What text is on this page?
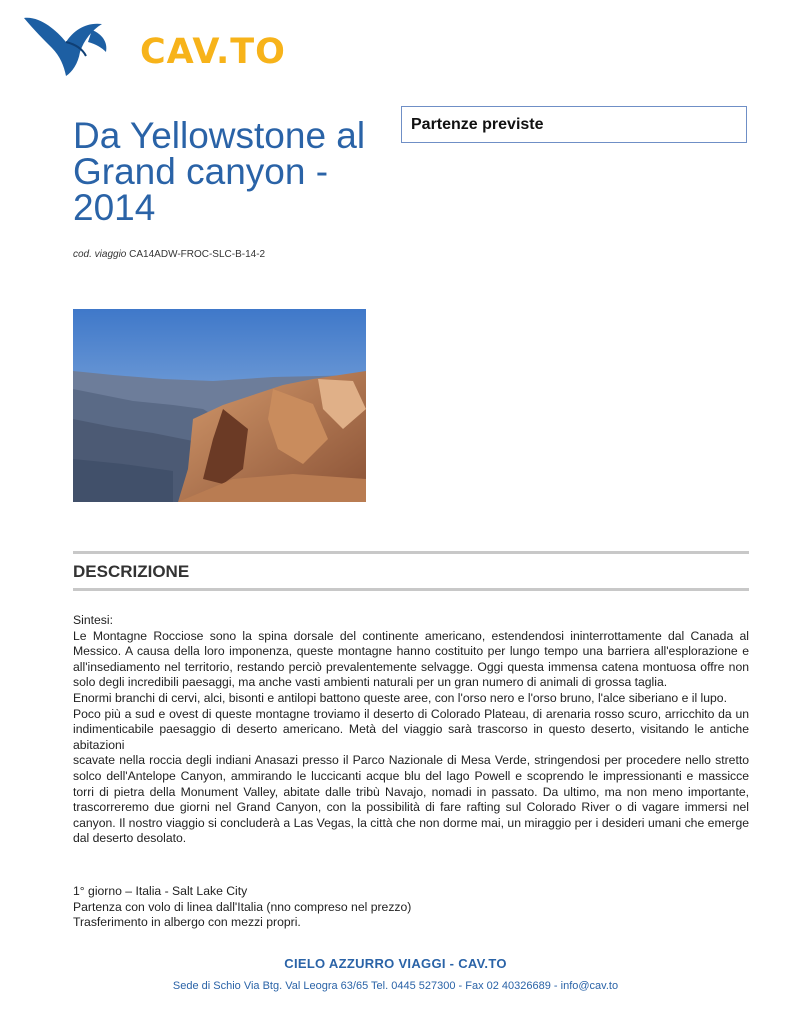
CAV.TO
Da Yellowstone al Grand canyon - 2014
cod. viaggio CA14ADW-FROC-SLC-B-14-2
Partenze previste
DESCRIZIONE

Sintesi:

Le Montagne Rocciose sono la spina dorsale del continente americano, estendendosi ininterrottamente dal Canada al Messico. A causa della loro imponenza, queste montagne hanno costituito per lungo tempo una barriera all'esplorazione e all'insediamento nel territorio, restando perciò prevalentemente selvagge. Oggi questa immensa catena montuosa offre non solo degli incredibili paesaggi, ma anche vasti ambienti naturali per un gran numero di animali di grossa taglia.

Enormi branchi di cervi, alci, bisonti e antilopi battono queste aree, con l'orso nero e l'orso bruno, l'alce siberiano e il lupo.

Poco più a sud e ovest di queste montagne troviamo il deserto di Colorado Plateau, di arenaria rosso scuro, arricchito da un indimenticabile paesaggio di deserto americano. Metà del viaggio sarà trascorso in questo deserto, visitando le antiche abitazioni

scavate nella roccia degli indiani Anasazi presso il Parco Nazionale di Mesa Verde, stringendosi per procedere nello stretto solco dell'Antelope Canyon, ammirando le luccicanti acque blu del lago Powell e scoprendo le impressionanti e massicce torri di pietra della Monument Valley, abitate dalle tribù Navajo, nomadi in passato. Da ultimo, ma non meno importante, trascorreremo due giorni nel Grand Canyon, con la possibilità di fare rafting sul Colorado River o di vagare immersi nel canyon. Il nostro viaggio si concluderà a Las Vegas, la città che non dorme mai, un miraggio per i desideri umani che emerge dal deserto desolato.

1° giorno – Italia - Salt Lake City

Partenza con volo di linea dall'Italia (nno compreso nel prezzo)

Trasferimento in albergo con mezzi propri.

CIELO AZZURRO VIAGGI - CAV.TO
Sede di Schio Via Btg. Val Leogra 63/65 Tel. 0445 527300 - Fax 02 40326689 - info@cav.to
